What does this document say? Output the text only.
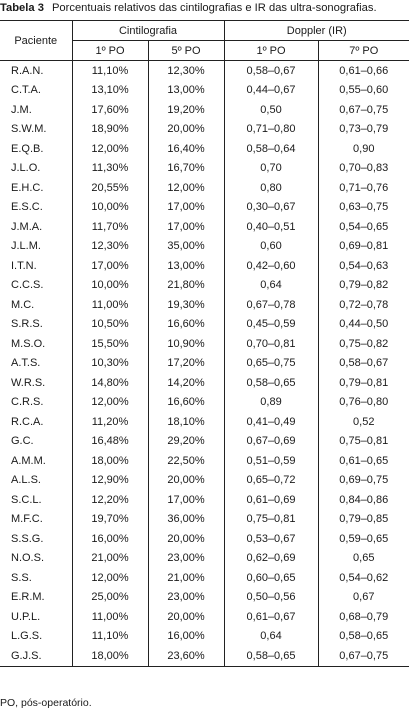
Tabela 3 Porcentuais relativos das cintilografias e IR das ultra-sonografias.
Paciente	Cintilografia		Doppler (IR)	
	1º PO	5º PO	1º PO	7º PO
R.A.N.	11,10%	12,30%	0,58–0,67	0,61–0,66
C.T.A.	13,10%	13,00%	0,44–0,67	0,55–0,60
J.M.	17,60%	19,20%	0,50	0,67–0,75
S.W.M.	18,90%	20,00%	0,71–0,80	0,73–0,79
E.Q.B.	12,00%	16,40%	0,58–0,64	0,90
J.L.O.	11,30%	16,70%	0,70	0,70–0,83
E.H.C.	20,55%	12,00%	0,80	0,71–0,76
E.S.C.	10,00%	17,00%	0,30–0,67	0,63–0,75
J.M.A.	11,70%	17,00%	0,40–0,51	0,54–0,65
J.L.M.	12,30%	35,00%	0,60	0,69–0,81
I.T.N.	17,00%	13,00%	0,42–0,60	0,54–0,63
C.C.S.	10,00%	21,80%	0,64	0,79–0,82
M.C.	11,00%	19,30%	0,67–0,78	0,72–0,78
S.R.S.	10,50%	16,60%	0,45–0,59	0,44–0,50
M.S.O.	15,50%	10,90%	0,70–0,81	0,75–0,82
A.T.S.	10,30%	17,20%	0,65–0,75	0,58–0,67
W.R.S.	14,80%	14,20%	0,58–0,65	0,79–0,81
C.R.S.	12,00%	16,60%	0,89	0,76–0,80
R.C.A.	11,20%	18,10%	0,41–0,49	0,52
G.C.	16,48%	29,20%	0,67–0,69	0,75–0,81
A.M.M.	18,00%	22,50%	0,51–0,59	0,61–0,65
A.L.S.	12,90%	20,00%	0,65–0,72	0,69–0,75
S.C.L.	12,20%	17,00%	0,61–0,69	0,84–0,86
M.F.C.	19,70%	36,00%	0,75–0,81	0,79–0,85
S.S.G.	16,00%	20,00%	0,53–0,67	0,59–0,65
N.O.S.	21,00%	23,00%	0,62–0,69	0,65
S.S.	12,00%	21,00%	0,60–0,65	0,54–0,62
E.R.M.	25,00%	23,00%	0,50–0,56	0,67
U.P.L.	11,00%	20,00%	0,61–0,67	0,68–0,79
L.G.S.	11,10%	16,00%	0,64	0,58–0,65
G.J.S.	18,00%	23,60%	0,58–0,65	0,67–0,75
PO, pós-operatório.
